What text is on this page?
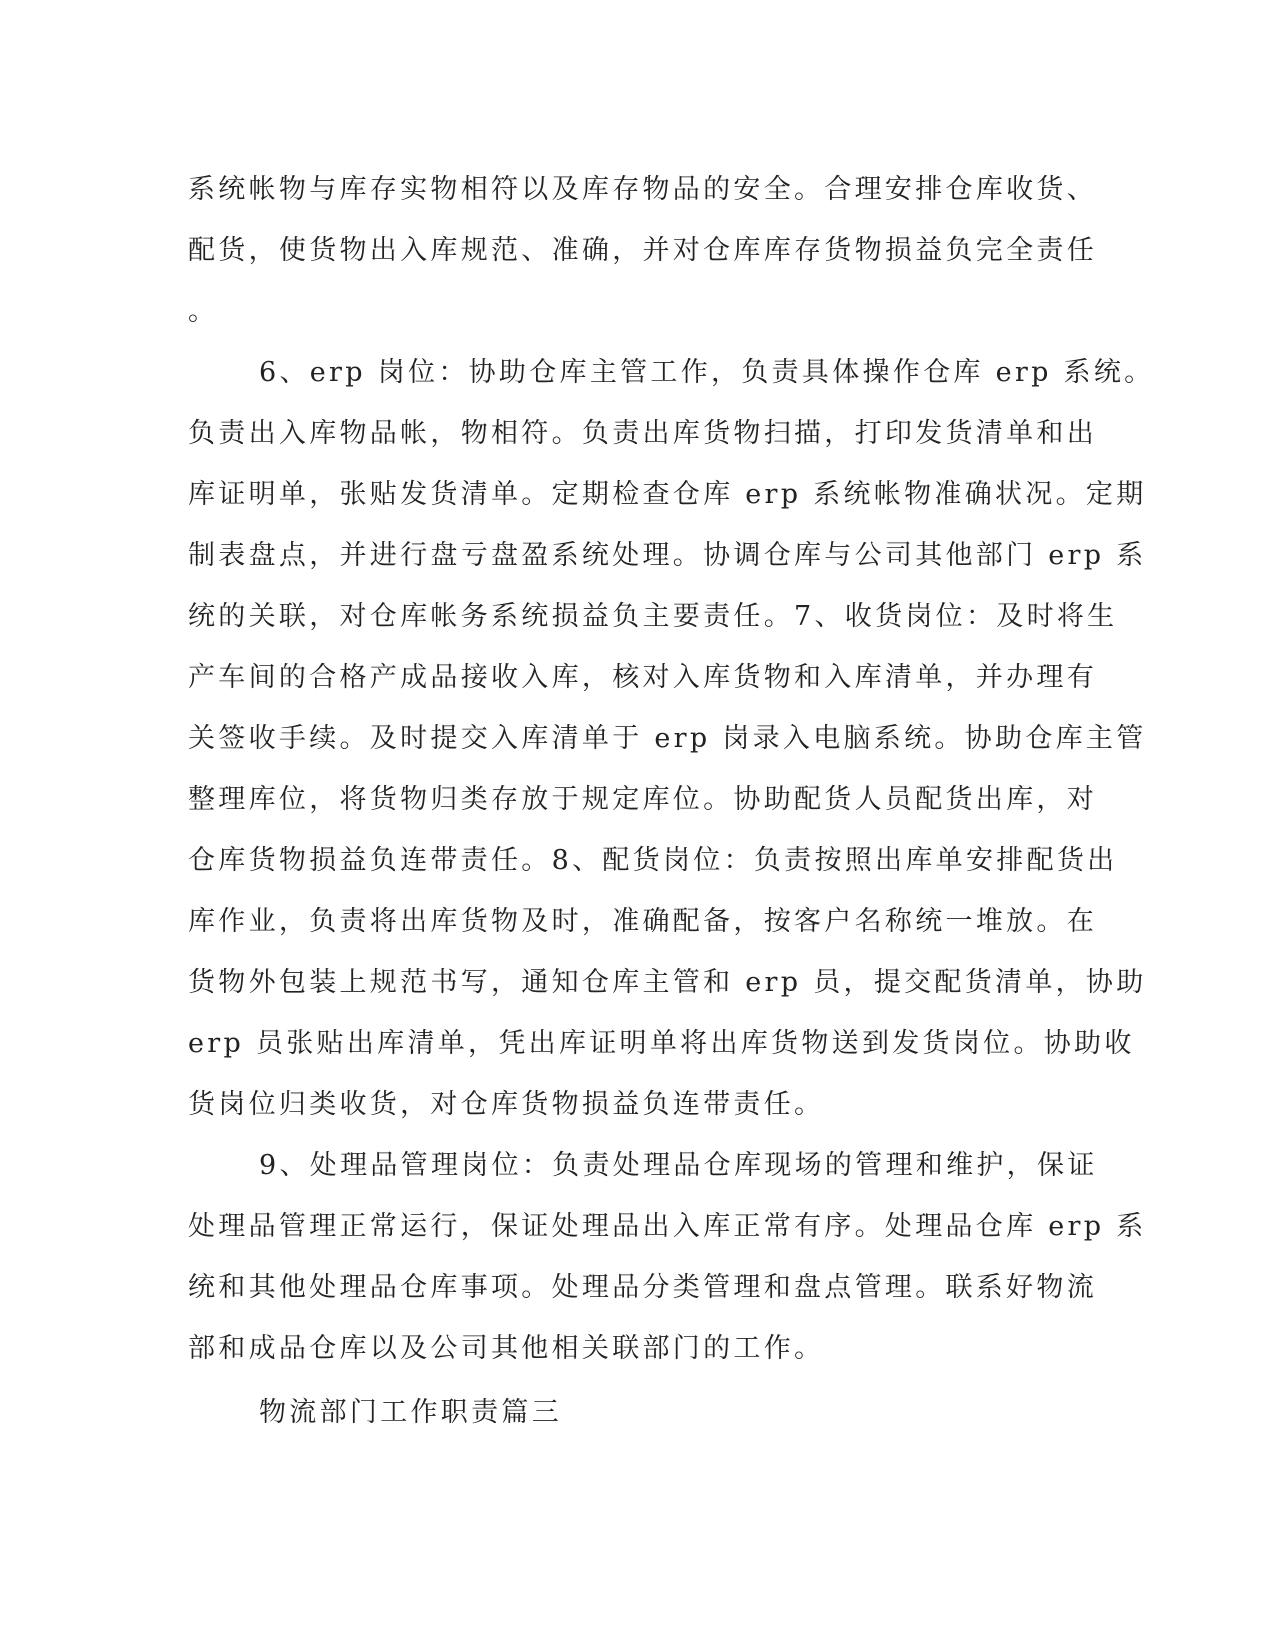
系统帐物与库存实物相符以及库存物品的安全。合理安排仓库收货、
配货，使货物出入库规范、准确，并对仓库库存货物损益负完全责任
。
6、erp 岗位：协助仓库主管工作，负责具体操作仓库 erp 系统。
负责出入库物品帐，物相符。负责出库货物扫描，打印发货清单和出
库证明单，张贴发货清单。定期检查仓库 erp 系统帐物准确状况。定期
制表盘点，并进行盘亏盘盈系统处理。协调仓库与公司其他部门 erp 系
统的关联，对仓库帐务系统损益负主要责任。7、收货岗位：及时将生
产车间的合格产成品接收入库，核对入库货物和入库清单，并办理有
关签收手续。及时提交入库清单于 erp 岗录入电脑系统。协助仓库主管
整理库位，将货物归类存放于规定库位。协助配货人员配货出库，对
仓库货物损益负连带责任。8、配货岗位：负责按照出库单安排配货出
库作业，负责将出库货物及时，准确配备，按客户名称统一堆放。在
货物外包装上规范书写，通知仓库主管和 erp 员，提交配货清单，协助
erp 员张贴出库清单，凭出库证明单将出库货物送到发货岗位。协助收
货岗位归类收货，对仓库货物损益负连带责任。
9、处理品管理岗位：负责处理品仓库现场的管理和维护，保证
处理品管理正常运行，保证处理品出入库正常有序。处理品仓库 erp 系
统和其他处理品仓库事项。处理品分类管理和盘点管理。联系好物流
部和成品仓库以及公司其他相关联部门的工作。
物流部门工作职责篇三
